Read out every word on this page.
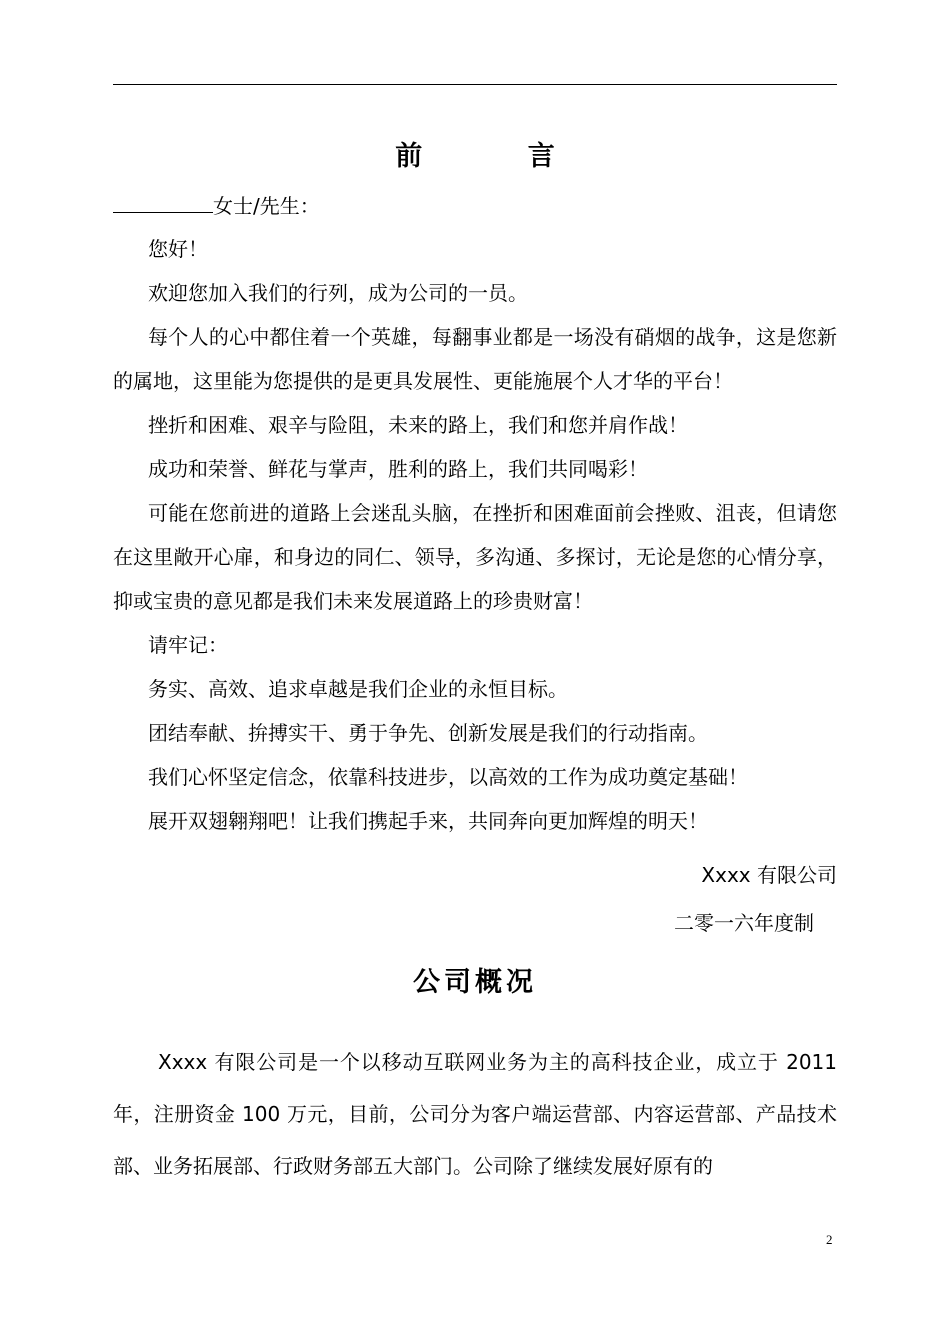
前 言
女士/先生：

您好！

欢迎您加入我们的行列，成为公司的一员。

每个人的心中都住着一个英雄，每翻事业都是一场没有硝烟的战争，这是您新的属地，这里能为您提供的是更具发展性、更能施展个人才华的平台！

挫折和困难、艰辛与险阻，未来的路上，我们和您并肩作战！

成功和荣誉、鲜花与掌声，胜利的路上，我们共同喝彩！

可能在您前进的道路上会迷乱头脑，在挫折和困难面前会挫败、沮丧，但请您在这里敞开心扉，和身边的同仁、领导，多沟通、多探讨，无论是您的心情分享，抑或宝贵的意见都是我们未来发展道路上的珍贵财富！

请牢记：

务实、高效、追求卓越是我们企业的永恒目标。

团结奉献、拚搏实干、勇于争先、创新发展是我们的行动指南。

我们心怀坚定信念，依靠科技进步，以高效的工作为成功奠定基础！

展开双翅翱翔吧！让我们携起手来，共同奔向更加辉煌的明天！

Xxxx 有限公司
二零一六年度制
公司概况

Xxxx 有限公司是一个以移动互联网业务为主的高科技企业，成立于 2011 年，注册资金 100 万元，目前，公司分为客户端运营部、内容运营部、产品技术部、业务拓展部、行政财务部五大部门。公司除了继续发展好原有的

2
